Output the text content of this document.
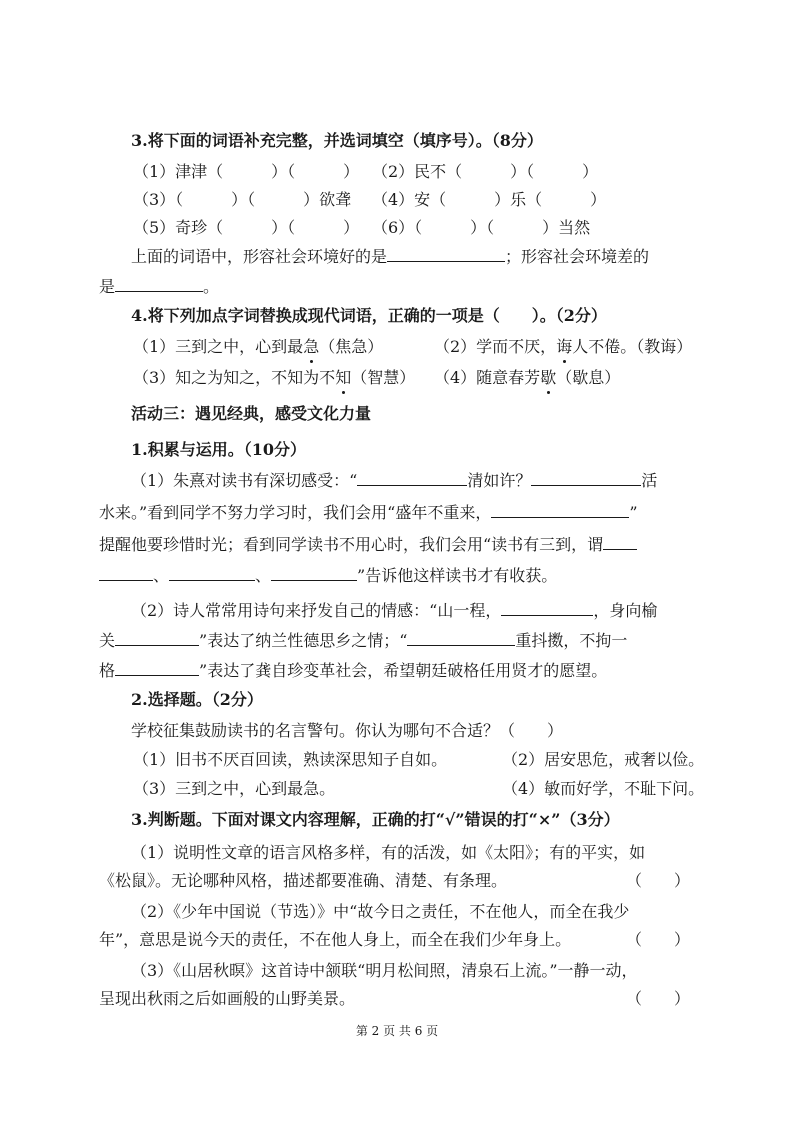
3.将下面的词语补充完整，并选词填空（填序号）。（8分）
（1）津津（　　　）（　　　） （2）民不（　　　）（　　　）
（3）（　　　）（　　　）欲聋 （4）安（　　　）乐（　　　）
（5）奇珍（　　　）（　　　） （6）（　　　）（　　　）当然
上面的词语中，形容社会环境好的是	；形容社会环境差的
是	。
4.将下列加点字词替换成现代词语，正确的一项是（　　）。（2分）
（1）三到之中，心到最急（焦急）	（2）学而不厌，诲人不倦。（教诲）
（3）知之为知之，不知为不知（智慧） （4）随意春芳歇（歇息）
活动三：遇见经典，感受文化力量
1.积累与运用。（10分）
（1）朱熹对读书有深切感受：“	清如许？	活
水来。”看到同学不努力学习时，我们会用“盛年不重来，	”
提醒他要珍惜时光；看到同学读书不用心时，我们会用“读书有三到，谓
、	、	”告诉他这样读书才有收获。
（2）诗人常常用诗句来抒发自己的情感：“山一程，	，身向榆
关	”表达了纳兰性德思乡之情；“	重抖擞，不拘一
格	”表达了龚自珍变革社会，希望朝廷破格任用贤才的愿望。
2.选择题。（2分）
学校征集鼓励读书的名言警句。你认为哪句不合适？（　　）
（1）旧书不厌百回读，熟读深思知子自如。	（2）居安思危，戒奢以俭。
（3）三到之中，心到最急。	（4）敏而好学，不耻下问。
3.判断题。下面对课文内容理解，正确的打“√”错误的打“×”（3分）
（1）说明性文章的语言风格多样，有的活泼，如《太阳》；有的平实，如
《松鼠》。无论哪种风格，描述都要准确、清楚、有条理。	（　　）
（2）《少年中国说（节选）》中“故今日之责任，不在他人，而全在我少
年”，意思是说今天的责任，不在他人身上，而全在我们少年身上。	（　　）
（3）《山居秋暝》这首诗中颔联“明月松间照，清泉石上流。”一静一动，
呈现出秋雨之后如画般的山野美景。	（　　）
第 2 页 共 6 页
